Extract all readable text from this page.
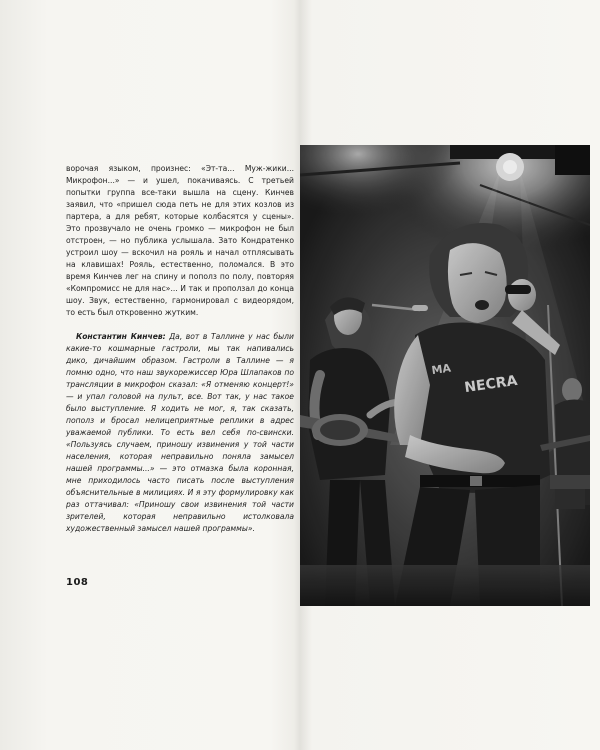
ворочая языком, произнес: «Эт-та... Муж-жики... Микрофон...» — и ушел, покачиваясь. С третьей попытки группа все-таки вышла на сцену. Кинчев заявил, что «пришел сюда петь не для этих козлов из партера, а для ребят, которые колбасятся у сцены». Это прозвучало не очень громко — микрофон не был отстроен, — но публика услышала. Зато Кондратенко устроил шоу — вскочил на рояль и начал отплясывать на клавишах! Рояль, естественно, поломался. В это время Кинчев лег на спину и пополз по полу, повторяя «Компромисс не для нас»... И так и проползал до конца шоу. Звук, естественно, гармонировал с видеорядом, то есть был откровенно жутким.

Константин Кинчев: Да, вот в Таллине у нас были какие-то кошмарные гастроли, мы так напивались дико, дичайшим образом. Гастроли в Таллине — я помню одно, что наш звукорежиссер Юра Шлапаков по трансляции в микрофон сказал: «Я отменяю концерт!» — и упал головой на пульт, все. Вот так, у нас такое было выступление. Я ходить не мог, я, так сказать, пополз и бросал нелицеприятные реплики в адрес уважаемой публики. То есть вел себя по-свински. «Пользуясь случаем, приношу извинения у той части населения, которая неправильно поняла замысел нашей программы...» — это отмазка была коронная, мне приходилось часто писать после выступления объяснительные в милициях. И я эту формулировку как раз оттачивал: «Приношу свои извинения той части зрителей, которая неправильно истолковала художественный замысел нашей программы».

108
NECRA
MA
